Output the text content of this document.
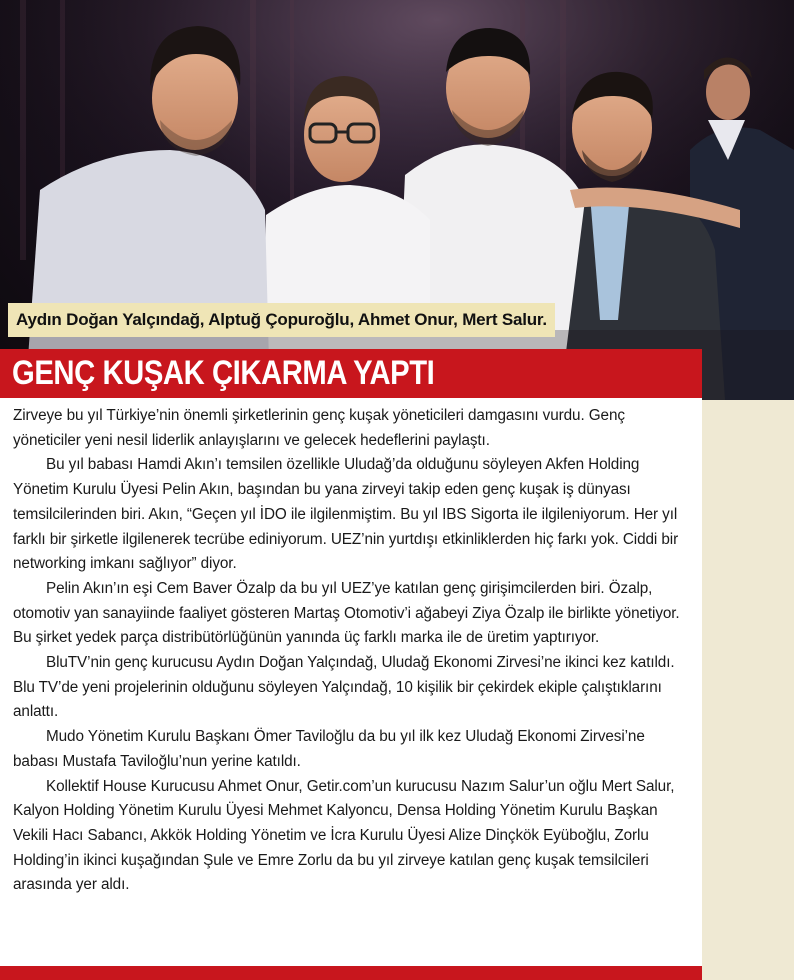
Aydın Doğan Yalçındağ, Alptuğ Çopuroğlu, Ahmet Onur, Mert Salur.
GENÇ KUŞAK ÇIKARMA YAPTI

Zirveye bu yıl Türkiye’nin önemli şirketlerinin genç kuşak yöneticileri damgasını vurdu. Genç yöneticiler yeni nesil liderlik anlayışlarını ve gelecek hedeflerini paylaştı.

Bu yıl babası Hamdi Akın’ı temsilen özellikle Uludağ’da olduğunu söyleyen Akfen Holding Yönetim Kurulu Üyesi Pelin Akın, başından bu yana zirveyi takip eden genç kuşak iş dünyası temsilcilerinden biri. Akın, “Geçen yıl İDO ile ilgilenmiştim. Bu yıl IBS Sigorta ile ilgileniyorum. Her yıl farklı bir şirketle ilgilenerek tecrübe ediniyorum. UEZ’nin yurtdışı etkinliklerden hiç farkı yok. Ciddi bir networking imkanı sağlıyor” diyor.

Pelin Akın’ın eşi Cem Baver Özalp da bu yıl UEZ’ye katılan genç girişimcilerden biri. Özalp, otomotiv yan sanayiinde faaliyet gösteren Martaş Otomotiv’i ağabeyi Ziya Özalp ile birlikte yönetiyor. Bu şirket yedek parça distribütörlüğünün yanında üç farklı marka ile de üretim yaptırıyor.

BluTV’nin genç kurucusu Aydın Doğan Yalçındağ, Uludağ Ekonomi Zirvesi’ne ikinci kez katıldı. Blu TV’de yeni projelerinin olduğunu söyleyen Yalçındağ, 10 kişilik bir çekirdek ekiple çalıştıklarını anlattı.

Mudo Yönetim Kurulu Başkanı Ömer Taviloğlu da bu yıl ilk kez Uludağ Ekonomi Zirvesi’ne babası Mustafa Taviloğlu’nun yerine katıldı.

Kollektif House Kurucusu Ahmet Onur, Getir.com’un kurucusu Nazım Salur’un oğlu Mert Salur, Kalyon Holding Yönetim Kurulu Üyesi Mehmet Kalyoncu, Densa Holding Yönetim Kurulu Başkan Vekili Hacı Sabancı, Akkök Holding Yönetim ve İcra Kurulu Üyesi Alize Dinçkök Eyüboğlu, Zorlu Holding’in ikinci kuşağından Şule ve Emre Zorlu da bu yıl zirveye katılan genç kuşak temsilcileri arasında yer aldı.
